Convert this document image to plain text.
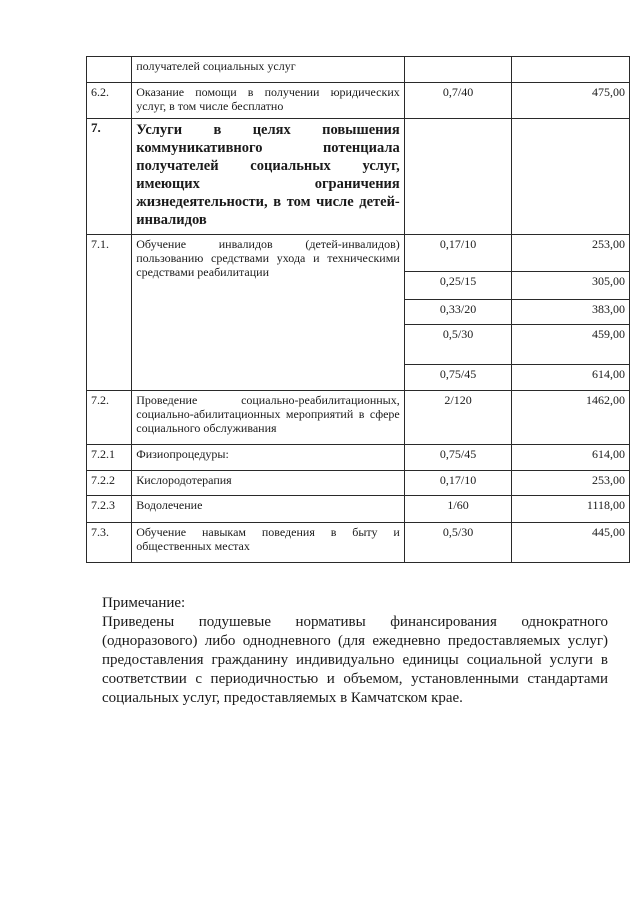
	получателей социальных услуг		
6.2.	Оказание помощи в получении юридических услуг, в том числе бесплатно	0,7/40	475,00
7.	Услуги в целях повышения коммуникативного потенциала получателей социальных услуг, имеющих ограничения жизнедеятельности, в том числе детей-инвалидов		
7.1.	Обучение инвалидов (детей-инвалидов) пользованию средствами ухода и техническими средствами реабилитации	0,17/10	253,00
		0,25/15	305,00
		0,33/20	383,00
		0,5/30	459,00
		0,75/45	614,00
7.2.	Проведение социально-реабилитационных, социально-абилитационных мероприятий в сфере социального обслуживания	2/120	1462,00
7.2.1	Физиопроцедуры:	0,75/45	614,00
7.2.2	Кислородотерапия	0,17/10	253,00
7.2.3	Водолечение	1/60	1118,00
7.3.	Обучение навыкам поведения в быту и общественных местах	0,5/30	445,00
Примечание:
Приведены подушевые нормативы финансирования однократного (одноразового) либо однодневного (для ежедневно предоставляемых услуг) предоставления гражданину индивидуально единицы социальной услуги в соответствии с периодичностью и объемом, установленными стандартами социальных услуг, предоставляемых в Камчатском крае.
